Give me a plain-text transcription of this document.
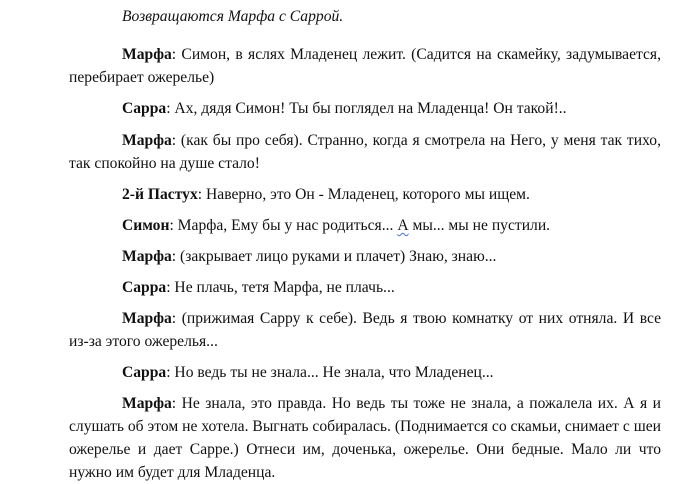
Возвращаются Марфа с Саррой.

Марфа: Симон, в яслях Младенец лежит. (Садится на скамейку, задумывается, перебирает ожерелье)

Сарра: Ах, дядя Симон! Ты бы поглядел на Младенца! Он такой!..

Марфа: (как бы про себя). Странно, когда я смотрела на Него, у меня так тихо, так спокойно на душе стало!

2-й Пастух: Наверно, это Он - Младенец, которого мы ищем.

Симон: Марфа, Ему бы у нас родиться... А мы... мы не пустили.

Марфа: (закрывает лицо руками и плачет) Знаю, знаю...

Сарра: Не плачь, тетя Марфа, не плачь...

Марфа: (прижимая Сарру к себе). Ведь я твою комнатку от них отняла. И все из-за этого ожерелья...

Сарра: Но ведь ты не знала... Не знала, что Младенец...

Марфа: Не знала, это правда. Но ведь ты тоже не знала, а пожалела их. А я и слушать об этом не хотела. Выгнать собиралась. (Поднимается со скамьи, снимает с шеи ожерелье и дает Сарре.) Отнеси им, доченька, ожерелье. Они бедные. Мало ли что нужно им будет для Младенца.
